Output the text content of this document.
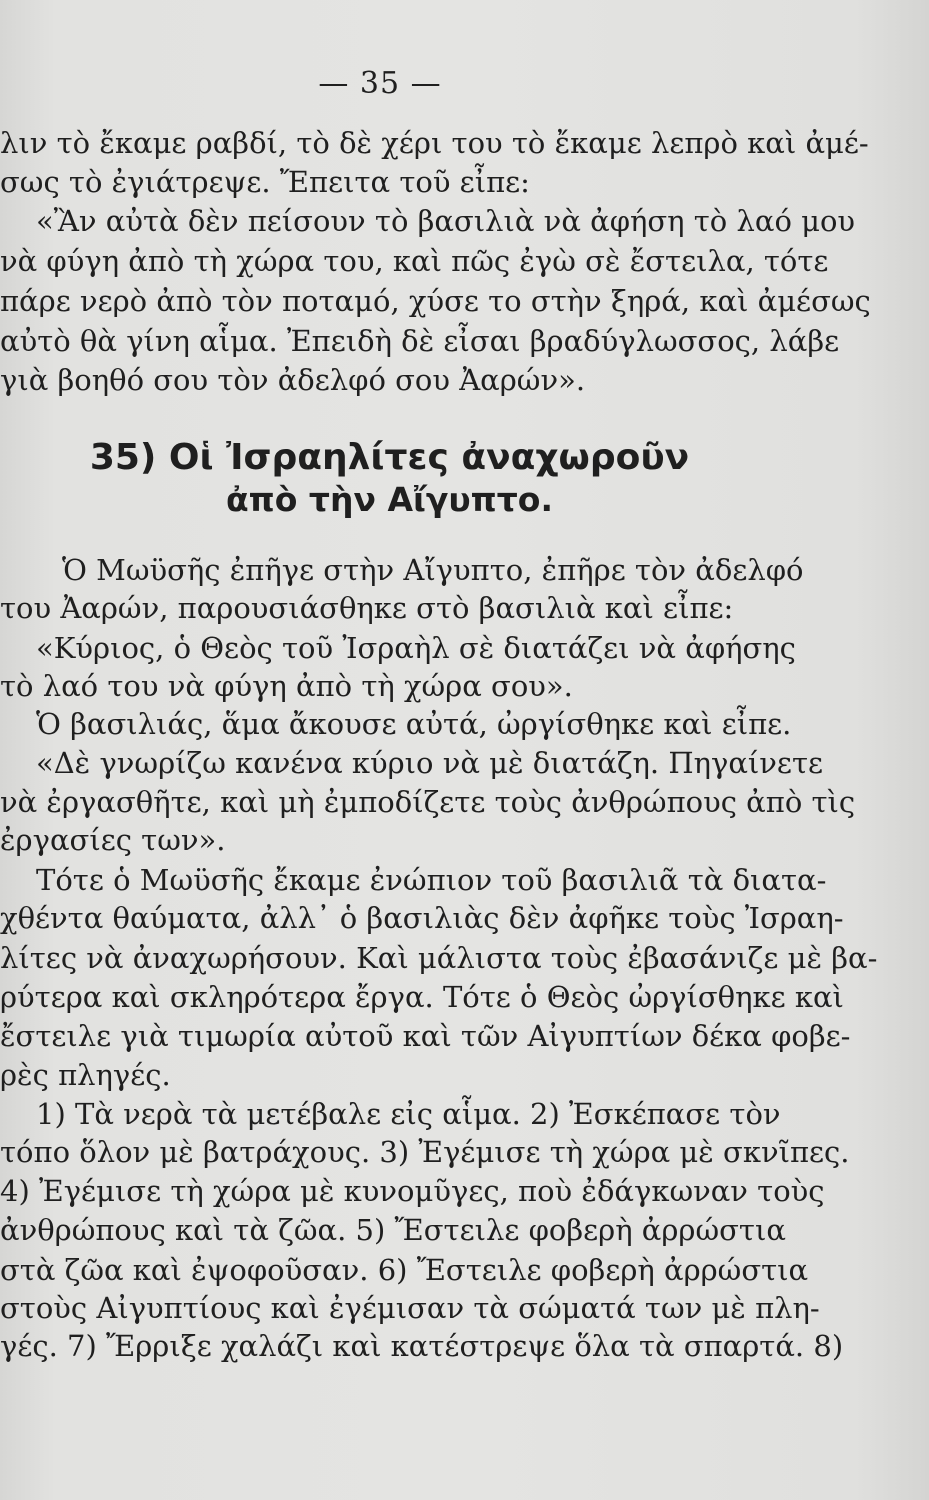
— 35 —
λιν τὸ ἔκαμε ραβδί, τὸ δὲ χέρι του τὸ ἔκαμε λεπρὸ καὶ ἀμέ-
σως τὸ ἐγιάτρεψε. Ἔπειτα τοῦ εἶπε:
«Ἂν αὐτὰ δὲν πείσουν τὸ βασιλιὰ νὰ ἀφήση τὸ λαό μου
νὰ φύγη ἀπὸ τὴ χώρα του, καὶ πῶς ἐγὼ σὲ ἔστειλα, τότε
πάρε νερὸ ἀπὸ τὸν ποταμό, χύσε το στὴν ξηρά, καὶ ἀμέσως
αὐτὸ θὰ γίνη αἷμα. Ἐπειδὴ δὲ εἶσαι βραδύγλωσσος, λάβε
γιὰ βοηθό σου τὸν ἀδελφό σου Ἀαρών».
35) Οἱ Ἰσραηλίτες ἀναχωροῦν
ἀπὸ τὴν Αἴγυπτο.
Ὁ Μωϋσῆς ἐπῆγε στὴν Αἴγυπτο, ἐπῆρε τὸν ἀδελφό
του Ἀαρών, παρουσιάσθηκε στὸ βασιλιὰ καὶ εἶπε:
«Κύριος, ὁ Θεὸς τοῦ Ἰσραὴλ σὲ διατάζει νὰ ἀφήσης
τὸ λαό του νὰ φύγη ἀπὸ τὴ χώρα σου».
Ὁ βασιλιάς, ἅμα ἄκουσε αὐτά, ὠργίσθηκε καὶ εἶπε.
«Δὲ γνωρίζω κανένα κύριο νὰ μὲ διατάζη. Πηγαίνετε
νὰ ἐργασθῆτε, καὶ μὴ ἐμποδίζετε τοὺς ἀνθρώπους ἀπὸ τὶς
ἐργασίες των».
Τότε ὁ Μωϋσῆς ἔκαμε ἐνώπιον τοῦ βασιλιᾶ τὰ διατα-
χθέντα θαύματα, ἀλλ᾽ ὁ βασιλιὰς δὲν ἀφῆκε τοὺς Ἰσραη-
λίτες νὰ ἀναχωρήσουν. Καὶ μάλιστα τοὺς ἐβασάνιζε μὲ βα-
ρύτερα καὶ σκληρότερα ἔργα. Τότε ὁ Θεὸς ὠργίσθηκε καὶ
ἔστειλε γιὰ τιμωρία αὐτοῦ καὶ τῶν Αἰγυπτίων δέκα φοβε-
ρὲς πληγές.
1) Τὰ νερὰ τὰ μετέβαλε εἰς αἷμα. 2) Ἐσκέπασε τὸν
τόπο ὅλον μὲ βατράχους. 3) Ἐγέμισε τὴ χώρα μὲ σκνῖπες.
4) Ἐγέμισε τὴ χώρα μὲ κυνομῦγες, ποὺ ἐδάγκωναν τοὺς
ἀνθρώπους καὶ τὰ ζῶα. 5) Ἔστειλε φοβερὴ ἀρρώστια
στὰ ζῶα καὶ ἐψοφοῦσαν. 6) Ἔστειλε φοβερὴ ἀρρώστια
στοὺς Αἰγυπτίους καὶ ἐγέμισαν τὰ σώματά των μὲ πλη-
γές. 7) Ἔρριξε χαλάζι καὶ κατέστρεψε ὅλα τὰ σπαρτά. 8)
